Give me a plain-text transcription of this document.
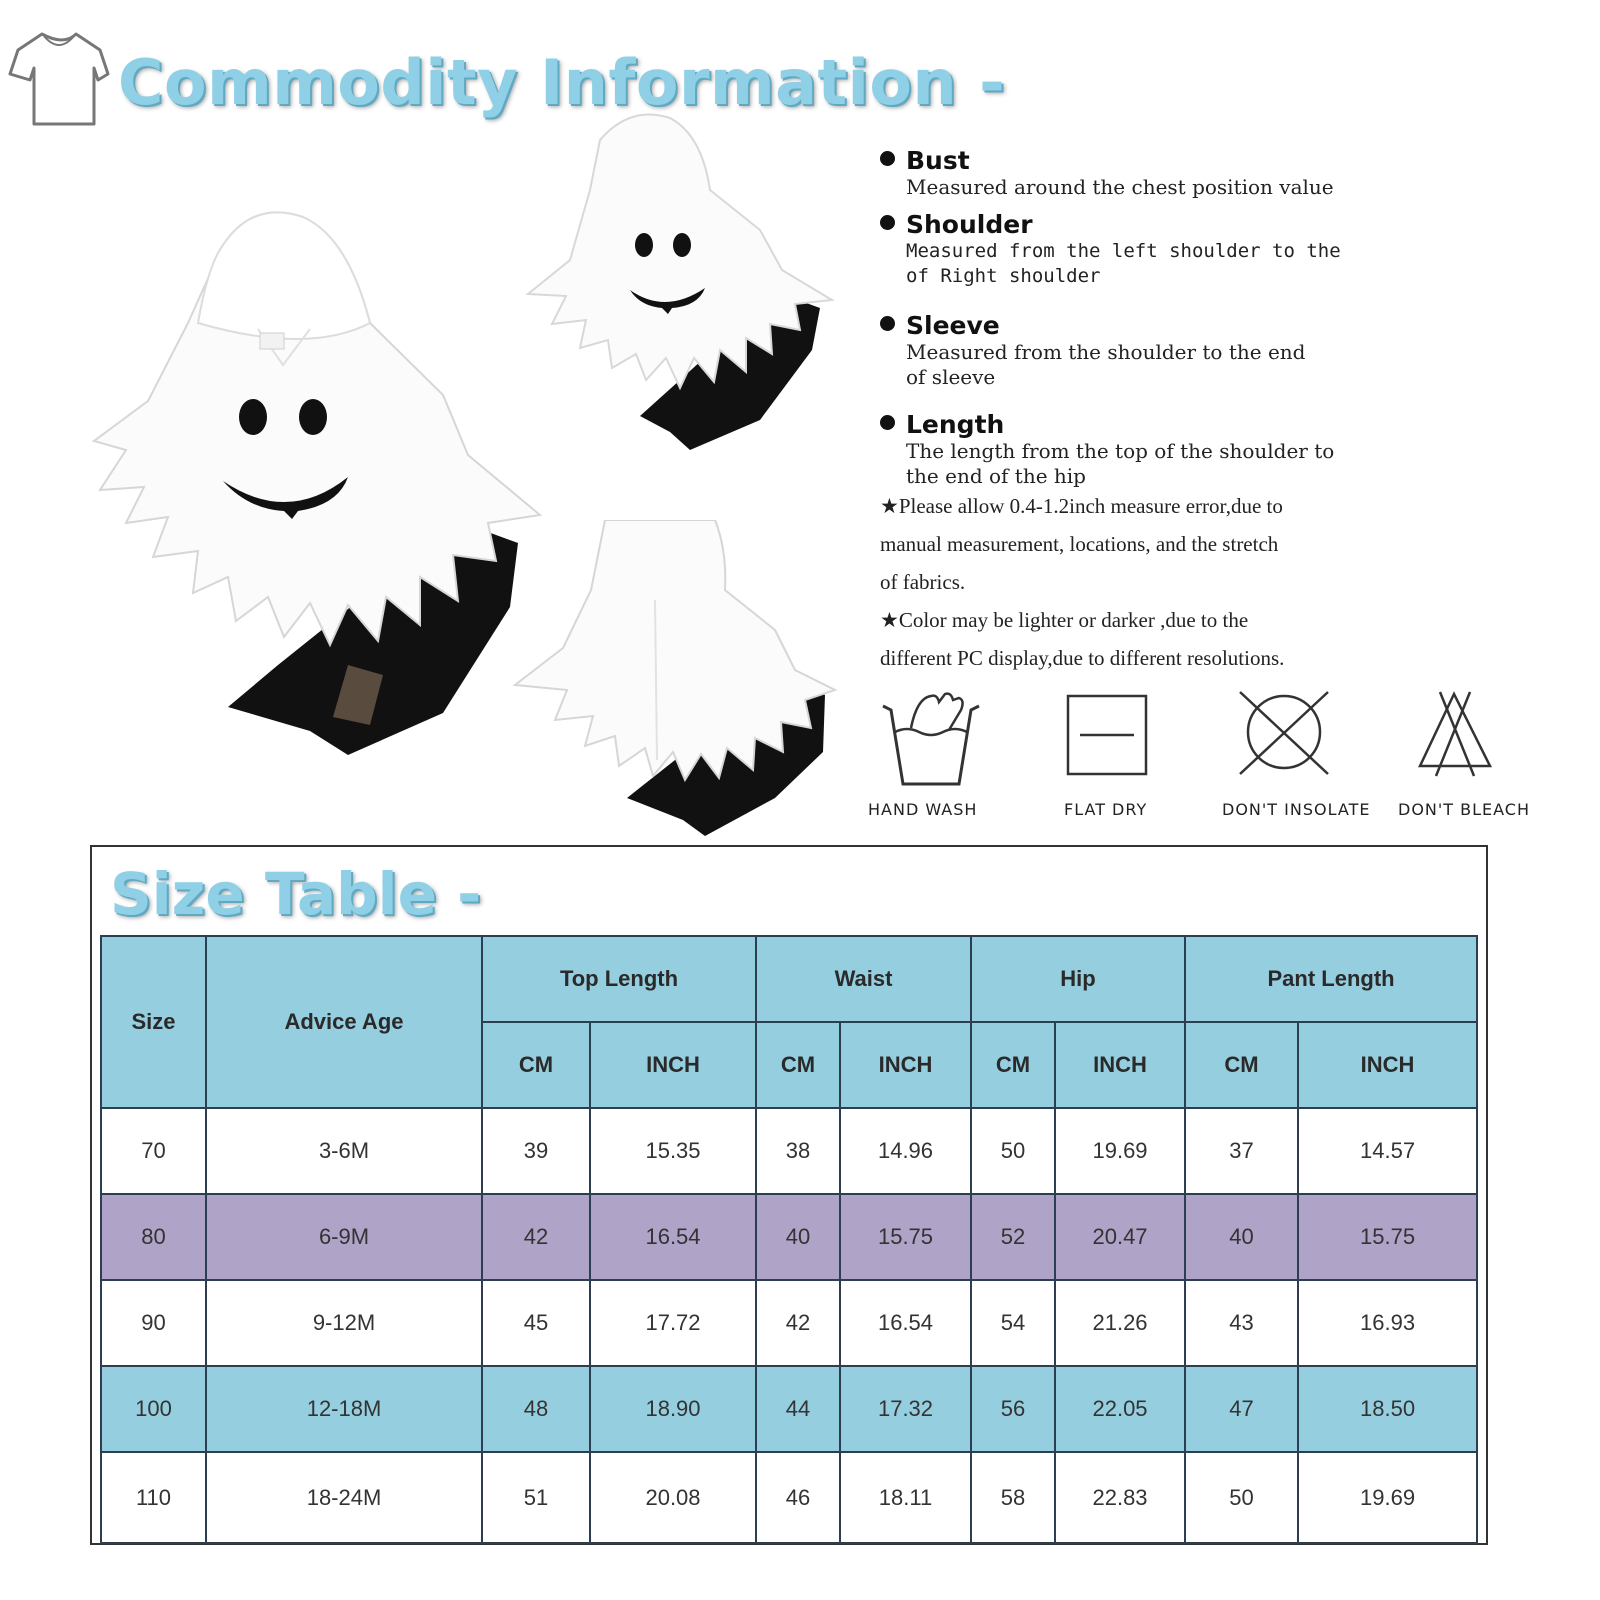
Commodity Information -
Bust
Measured around the chest position value
Shoulder
Measured from the left shoulder to the
of Right shoulder
Sleeve
Measured from the shoulder to the end
of sleeve
Length
The length from the top of the shoulder to
the end of the hip
★Please allow 0.4-1.2inch measure error,due to
manual measurement, locations, and the stretch
of fabrics.
★Color may be lighter or darker ,due to the
different PC display,due to different resolutions.
HAND WASH	FLAT DRY	DON'T INSOLATE DON'T BLEACH
Size Table -
Size	Advice Age	Top Length		Waist		Hip		Pant Length	
		CM	INCH	CM	INCH	CM	INCH	CM	INCH
70	3-6M	39	15.35	38	14.96	50	19.69	37	14.57
80	6-9M	42	16.54	40	15.75	52	20.47	40	15.75
90	9-12M	45	17.72	42	16.54	54	21.26	43	16.93
100	12-18M	48	18.90	44	17.32	56	22.05	47	18.50
110	18-24M	51	20.08	46	18.11	58	22.83	50	19.69
